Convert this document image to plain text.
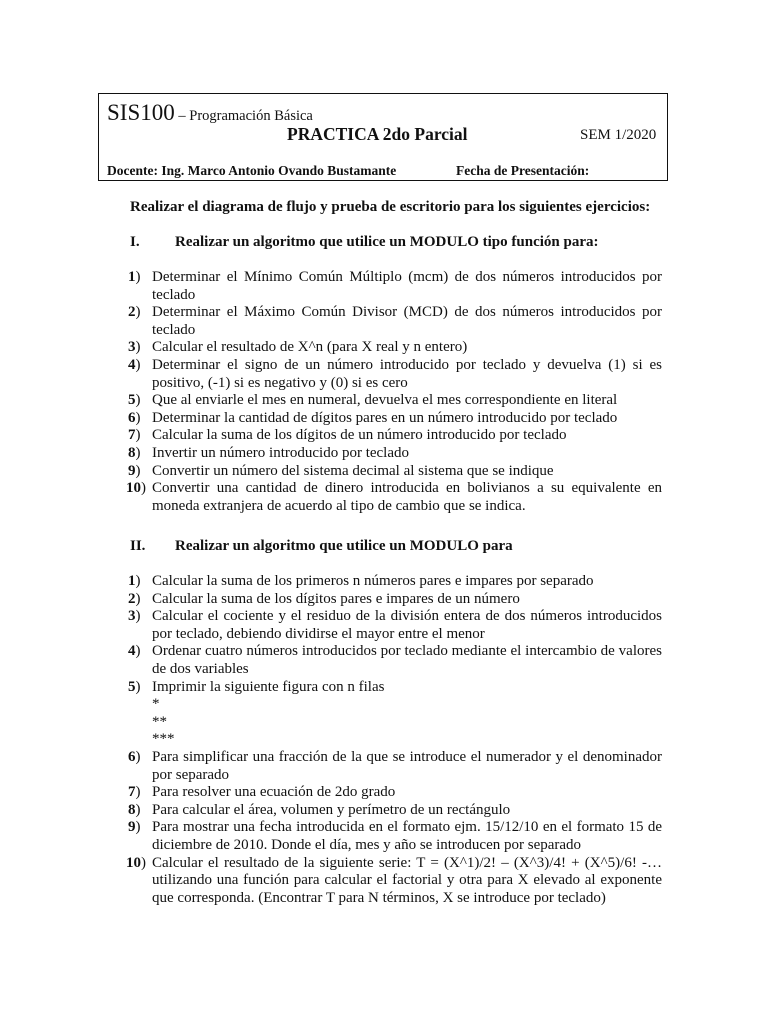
SIS100 – Programación Básica
PRACTICA 2do Parcial	SEM 1/2020
Docente: Ing. Marco Antonio Ovando Bustamante	Fecha de Presentación:
Realizar el diagrama de flujo y prueba de escritorio para los siguientes ejercicios:
I. Realizar un algoritmo que utilice un MODULO tipo función para:
1) Determinar el Mínimo Común Múltiplo (mcm) de dos números introducidos por teclado
2) Determinar el Máximo Común Divisor (MCD) de dos números introducidos por teclado
3) Calcular el resultado de X^n (para X real y n entero)
4) Determinar el signo de un número introducido por teclado y devuelva (1) si es positivo, (-1) si es negativo y (0) si es cero
5) Que al enviarle el mes en numeral, devuelva el mes correspondiente en literal
6) Determinar la cantidad de dígitos pares en un número introducido por teclado
7) Calcular la suma de los dígitos de un número introducido por teclado
8) Invertir un número introducido por teclado
9) Convertir un número del sistema decimal al sistema que se indique
10) Convertir una cantidad de dinero introducida en bolivianos a su equivalente en moneda extranjera de acuerdo al tipo de cambio que se indica.
II. Realizar un algoritmo que utilice un MODULO para
1) Calcular la suma de los primeros n números pares e impares por separado
2) Calcular la suma de los dígitos pares e impares de un número
3) Calcular el cociente y el residuo de la división entera de dos números introducidos por teclado, debiendo dividirse el mayor entre el menor
4) Ordenar cuatro números introducidos por teclado mediante el intercambio de valores de dos variables
5) Imprimir la siguiente figura con n filas
*
**
***
6) Para simplificar una fracción de la que se introduce el numerador y el denominador por separado
7) Para resolver una ecuación de 2do grado
8) Para calcular el área, volumen y perímetro de un rectángulo
9) Para mostrar una fecha introducida en el formato ejm. 15/12/10 en el formato 15 de diciembre de 2010. Donde el día, mes y año se introducen por separado
10) Calcular el resultado de la siguiente serie: T = (X^1)/2! – (X^3)/4! + (X^5)/6! -… utilizando una función para calcular el factorial y otra para X elevado al exponente que corresponda. (Encontrar T para N términos, X se introduce por teclado)
